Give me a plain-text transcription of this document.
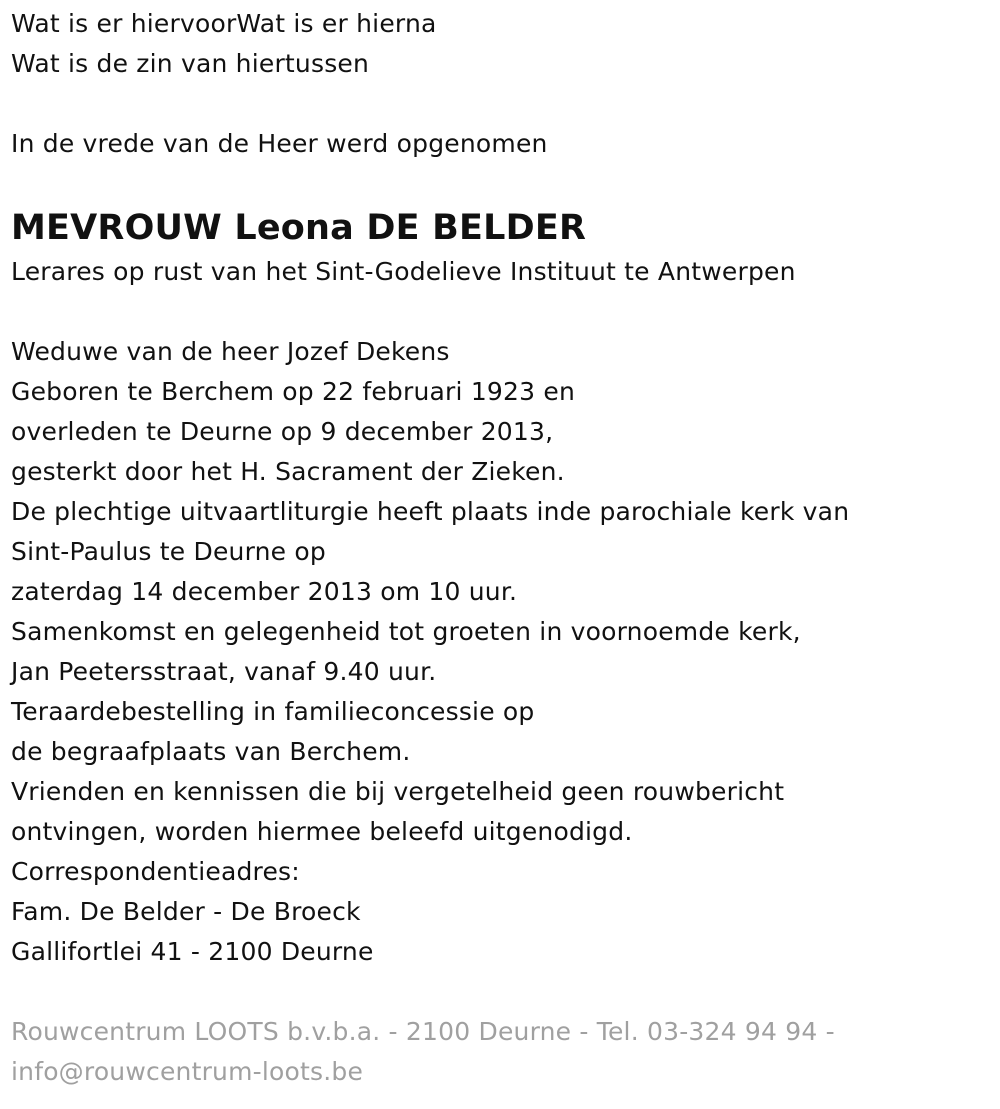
Wat is er hiervoorWat is er hierna
Wat is de zin van hiertussen
In de vrede van de Heer werd opgenomen
MEVROUW Leona DE BELDER
Lerares op rust van het Sint-Godelieve Instituut te Antwerpen
Weduwe van de heer Jozef Dekens
Geboren te Berchem op 22 februari 1923 en
overleden te Deurne op 9 december 2013,
gesterkt door het H. Sacrament der Zieken.
De plechtige uitvaartliturgie heeft plaats inde parochiale kerk van
Sint-Paulus te Deurne op
zaterdag 14 december 2013 om 10 uur.
Samenkomst en gelegenheid tot groeten in voornoemde kerk,
Jan Peetersstraat, vanaf 9.40 uur.
Teraardebestelling in familieconcessie op
de begraafplaats van Berchem.
Vrienden en kennissen die bij vergetelheid geen rouwbericht
ontvingen, worden hiermee beleefd uitgenodigd.
Correspondentieadres:
Fam. De Belder - De Broeck
Gallifortlei 41 - 2100 Deurne
Rouwcentrum LOOTS b.v.b.a. - 2100 Deurne - Tel. 03-324 94 94 -
info@rouwcentrum-loots.be
